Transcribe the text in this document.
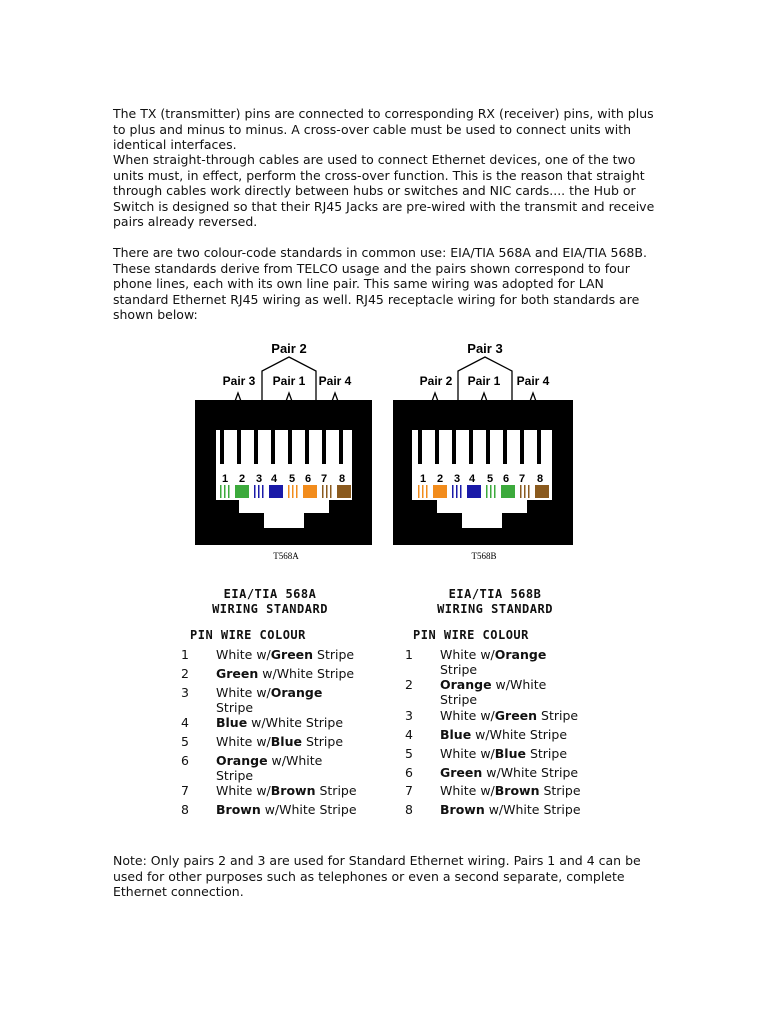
The TX (transmitter) pins are connected to corresponding RX (receiver) pins, with plus to plus and minus to minus. A cross-over cable must be used to connect units with identical interfaces.

When straight-through cables are used to connect Ethernet devices, one of the two units must, in effect, perform the cross-over function. This is the reason that straight through cables work directly between hubs or switches and NIC cards.... the Hub or Switch is designed so that their RJ45 Jacks are pre-wired with the transmit and receive pairs already reversed.

There are two colour-code standards in common use: EIA/TIA 568A and EIA/TIA 568B. These standards derive from TELCO usage and the pairs shown correspond to four phone lines, each with its own line pair. This same wiring was adopted for LAN standard Ethernet RJ45 wiring as well. RJ45 receptacle wiring for both standards are shown below:

Pair 2
Pair 3 Pair 1 Pair 4
1 2 3 4 5 6 7 8
T568A
Pair 3
Pair 2 Pair 1 Pair 4
1 2 3 4 5 6 7 8
T568B
EIA/TIA 568A
WIRING STANDARD
PIN WIRE COLOUR
1 White w/Green Stripe
2 Green w/White Stripe
3 White w/Orange Stripe
4 Blue w/White Stripe
5 White w/Blue Stripe
6 Orange w/White Stripe
7 White w/Brown Stripe
8 Brown w/White Stripe
EIA/TIA 568B
WIRING STANDARD
PIN WIRE COLOUR
1 White w/Orange Stripe
2 Orange w/White Stripe
3 White w/Green Stripe
4 Blue w/White Stripe
5 White w/Blue Stripe
6 Green w/White Stripe
7 White w/Brown Stripe
8 Brown w/White Stripe

Note: Only pairs 2 and 3 are used for Standard Ethernet wiring. Pairs 1 and 4 can be used for other purposes such as telephones or even a second separate, complete Ethernet connection.
